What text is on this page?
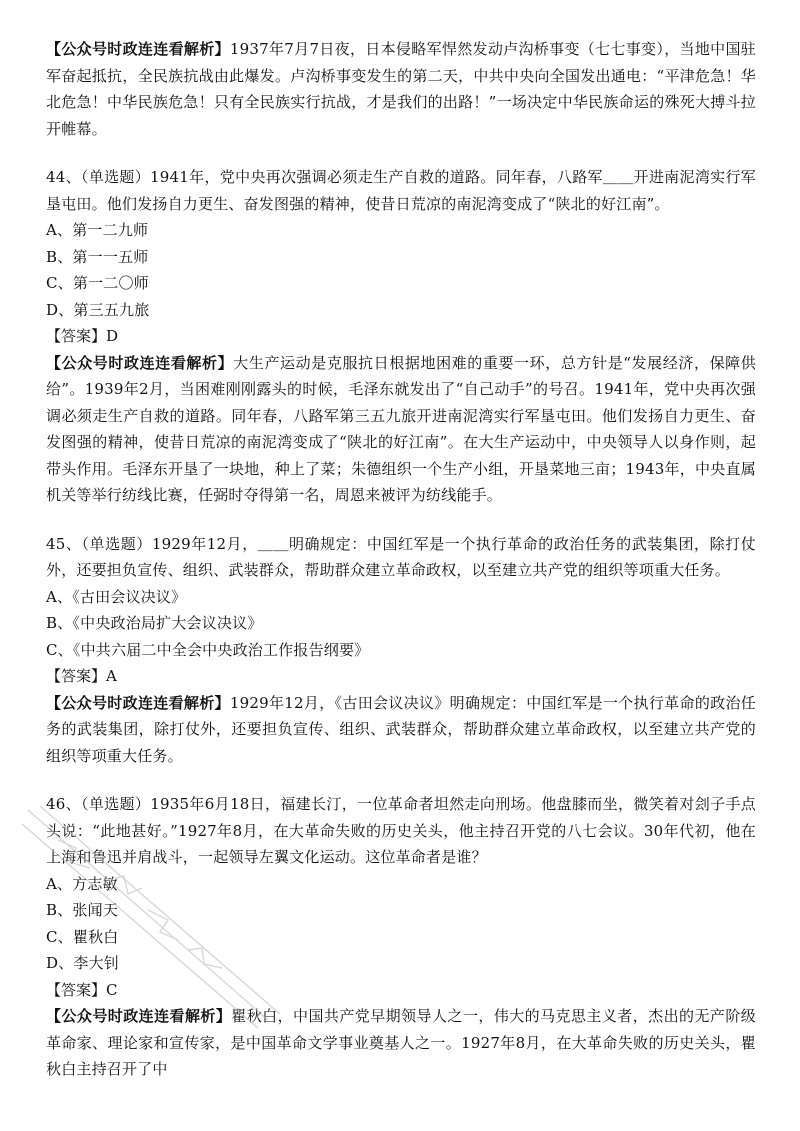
【公众号时政连连看解析】1937年7月7日夜，日本侵略军悍然发动卢沟桥事变（七七事变），当地中国驻军奋起抵抗，全民族抗战由此爆发。卢沟桥事变发生的第二天，中共中央向全国发出通电：“平津危急！华北危急！中华民族危急！只有全民族实行抗战，才是我们的出路！”一场决定中华民族命运的殊死大搏斗拉开帷幕。

44、（单选题）1941年，党中央再次强调必须走生产自救的道路。同年春，八路军＿＿开进南泥湾实行军垦屯田。他们发扬自力更生、奋发图强的精神，使昔日荒凉的南泥湾变成了“陕北的好江南”。

A、第一二九师

B、第一一五师

C、第一二〇师

D、第三五九旅

【答案】D

【公众号时政连连看解析】大生产运动是克服抗日根据地困难的重要一环，总方针是“发展经济，保障供给”。1939年2月，当困难刚刚露头的时候，毛泽东就发出了“自己动手”的号召。1941年，党中央再次强调必须走生产自救的道路。同年春，八路军第三五九旅开进南泥湾实行军垦屯田。他们发扬自力更生、奋发图强的精神，使昔日荒凉的南泥湾变成了“陕北的好江南”。在大生产运动中，中央领导人以身作则，起带头作用。毛泽东开垦了一块地，种上了菜；朱德组织一个生产小组，开垦菜地三亩；1943年，中央直属机关等举行纺线比赛，任弼时夺得第一名，周恩来被评为纺线能手。

45、（单选题）1929年12月，＿＿明确规定：中国红军是一个执行革命的政治任务的武装集团，除打仗外，还要担负宣传、组织、武装群众，帮助群众建立革命政权，以至建立共产党的组织等项重大任务。

A、《古田会议决议》

B、《中央政治局扩大会议决议》

C、《中共六届二中全会中央政治工作报告纲要》

【答案】A

【公众号时政连连看解析】1929年12月，《古田会议决议》明确规定：中国红军是一个执行革命的政治任务的武装集团，除打仗外，还要担负宣传、组织、武装群众，帮助群众建立革命政权，以至建立共产党的组织等项重大任务。

46、（单选题）1935年6月18日，福建长汀，一位革命者坦然走向刑场。他盘膝而坐，微笑着对刽子手点头说：“此地甚好。”1927年8月，在大革命失败的历史关头，他主持召开党的八七会议。30年代初，他在上海和鲁迅并肩战斗，一起领导左翼文化运动。这位革命者是谁？

A、方志敏

B、张闻天

C、瞿秋白

D、李大钊

【答案】C

【公众号时政连连看解析】瞿秋白，中国共产党早期领导人之一，伟大的马克思主义者，杰出的无产阶级革命家、理论家和宣传家，是中国革命文学事业奠基人之一。1927年8月，在大革命失败的历史关头，瞿秋白主持召开了中
